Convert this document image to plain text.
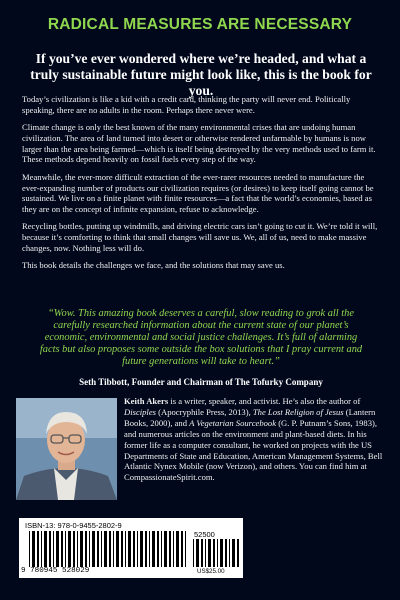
RADICAL MEASURES ARE NECESSARY
If you’ve ever wondered where we’re headed, and what a truly sustainable future might look like, this is the book for you.

Today’s civilization is like a kid with a credit card, thinking the party will never end. Politically speaking, there are no adults in the room. Perhaps there never were.

Climate change is only the best known of the many environmental crises that are undoing human civilization. The area of land turned into desert or otherwise rendered unfarmable by humans is now larger than the area being farmed—which is itself being destroyed by the very methods used to farm it. These methods depend heavily on fossil fuels every step of the way.

Meanwhile, the ever-more difficult extraction of the ever-rarer resources needed to manufacture the ever-expanding number of products our civilization requires (or desires) to keep itself going cannot be sustained. We live on a finite planet with finite resources—a fact that the world’s economies, based as they are on the concept of infinite expansion, refuse to acknowledge.

Recycling bottles, putting up windmills, and driving electric cars isn’t going to cut it. We’re told it will, because it’s comforting to think that small changes will save us. We, all of us, need to make massive changes, now. Nothing less will do.

This book details the challenges we face, and the solutions that may save us.

“Wow. This amazing book deserves a careful, slow reading to grok all the carefully researched information about the current state of our planet’s economic, environmental and social justice challenges. It’s full of alarming facts but also proposes some outside the box solutions that I pray current and future generations will take to heart.”
Seth Tibbott, Founder and Chairman of The Tofurky Company
Keith Akers is a writer, speaker, and activist. He’s also the author of Disciples (Apocryphile Press, 2013), The Lost Religion of Jesus (Lantern Books, 2000), and A Vegetarian Sourcebook (G. P. Putnam’s Sons, 1983), and numerous articles on the environment and plant-based diets. In his former life as a computer consultant, he worked on projects with the US Departments of State and Education, American Management Systems, Bell Atlantic Nynex Mobile (now Verizon), and others. You can find him at CompassionateSpirit.com.
ISBN-13: 978-0-9455-2802-9
52500
9 780945 528029	US$25.00
